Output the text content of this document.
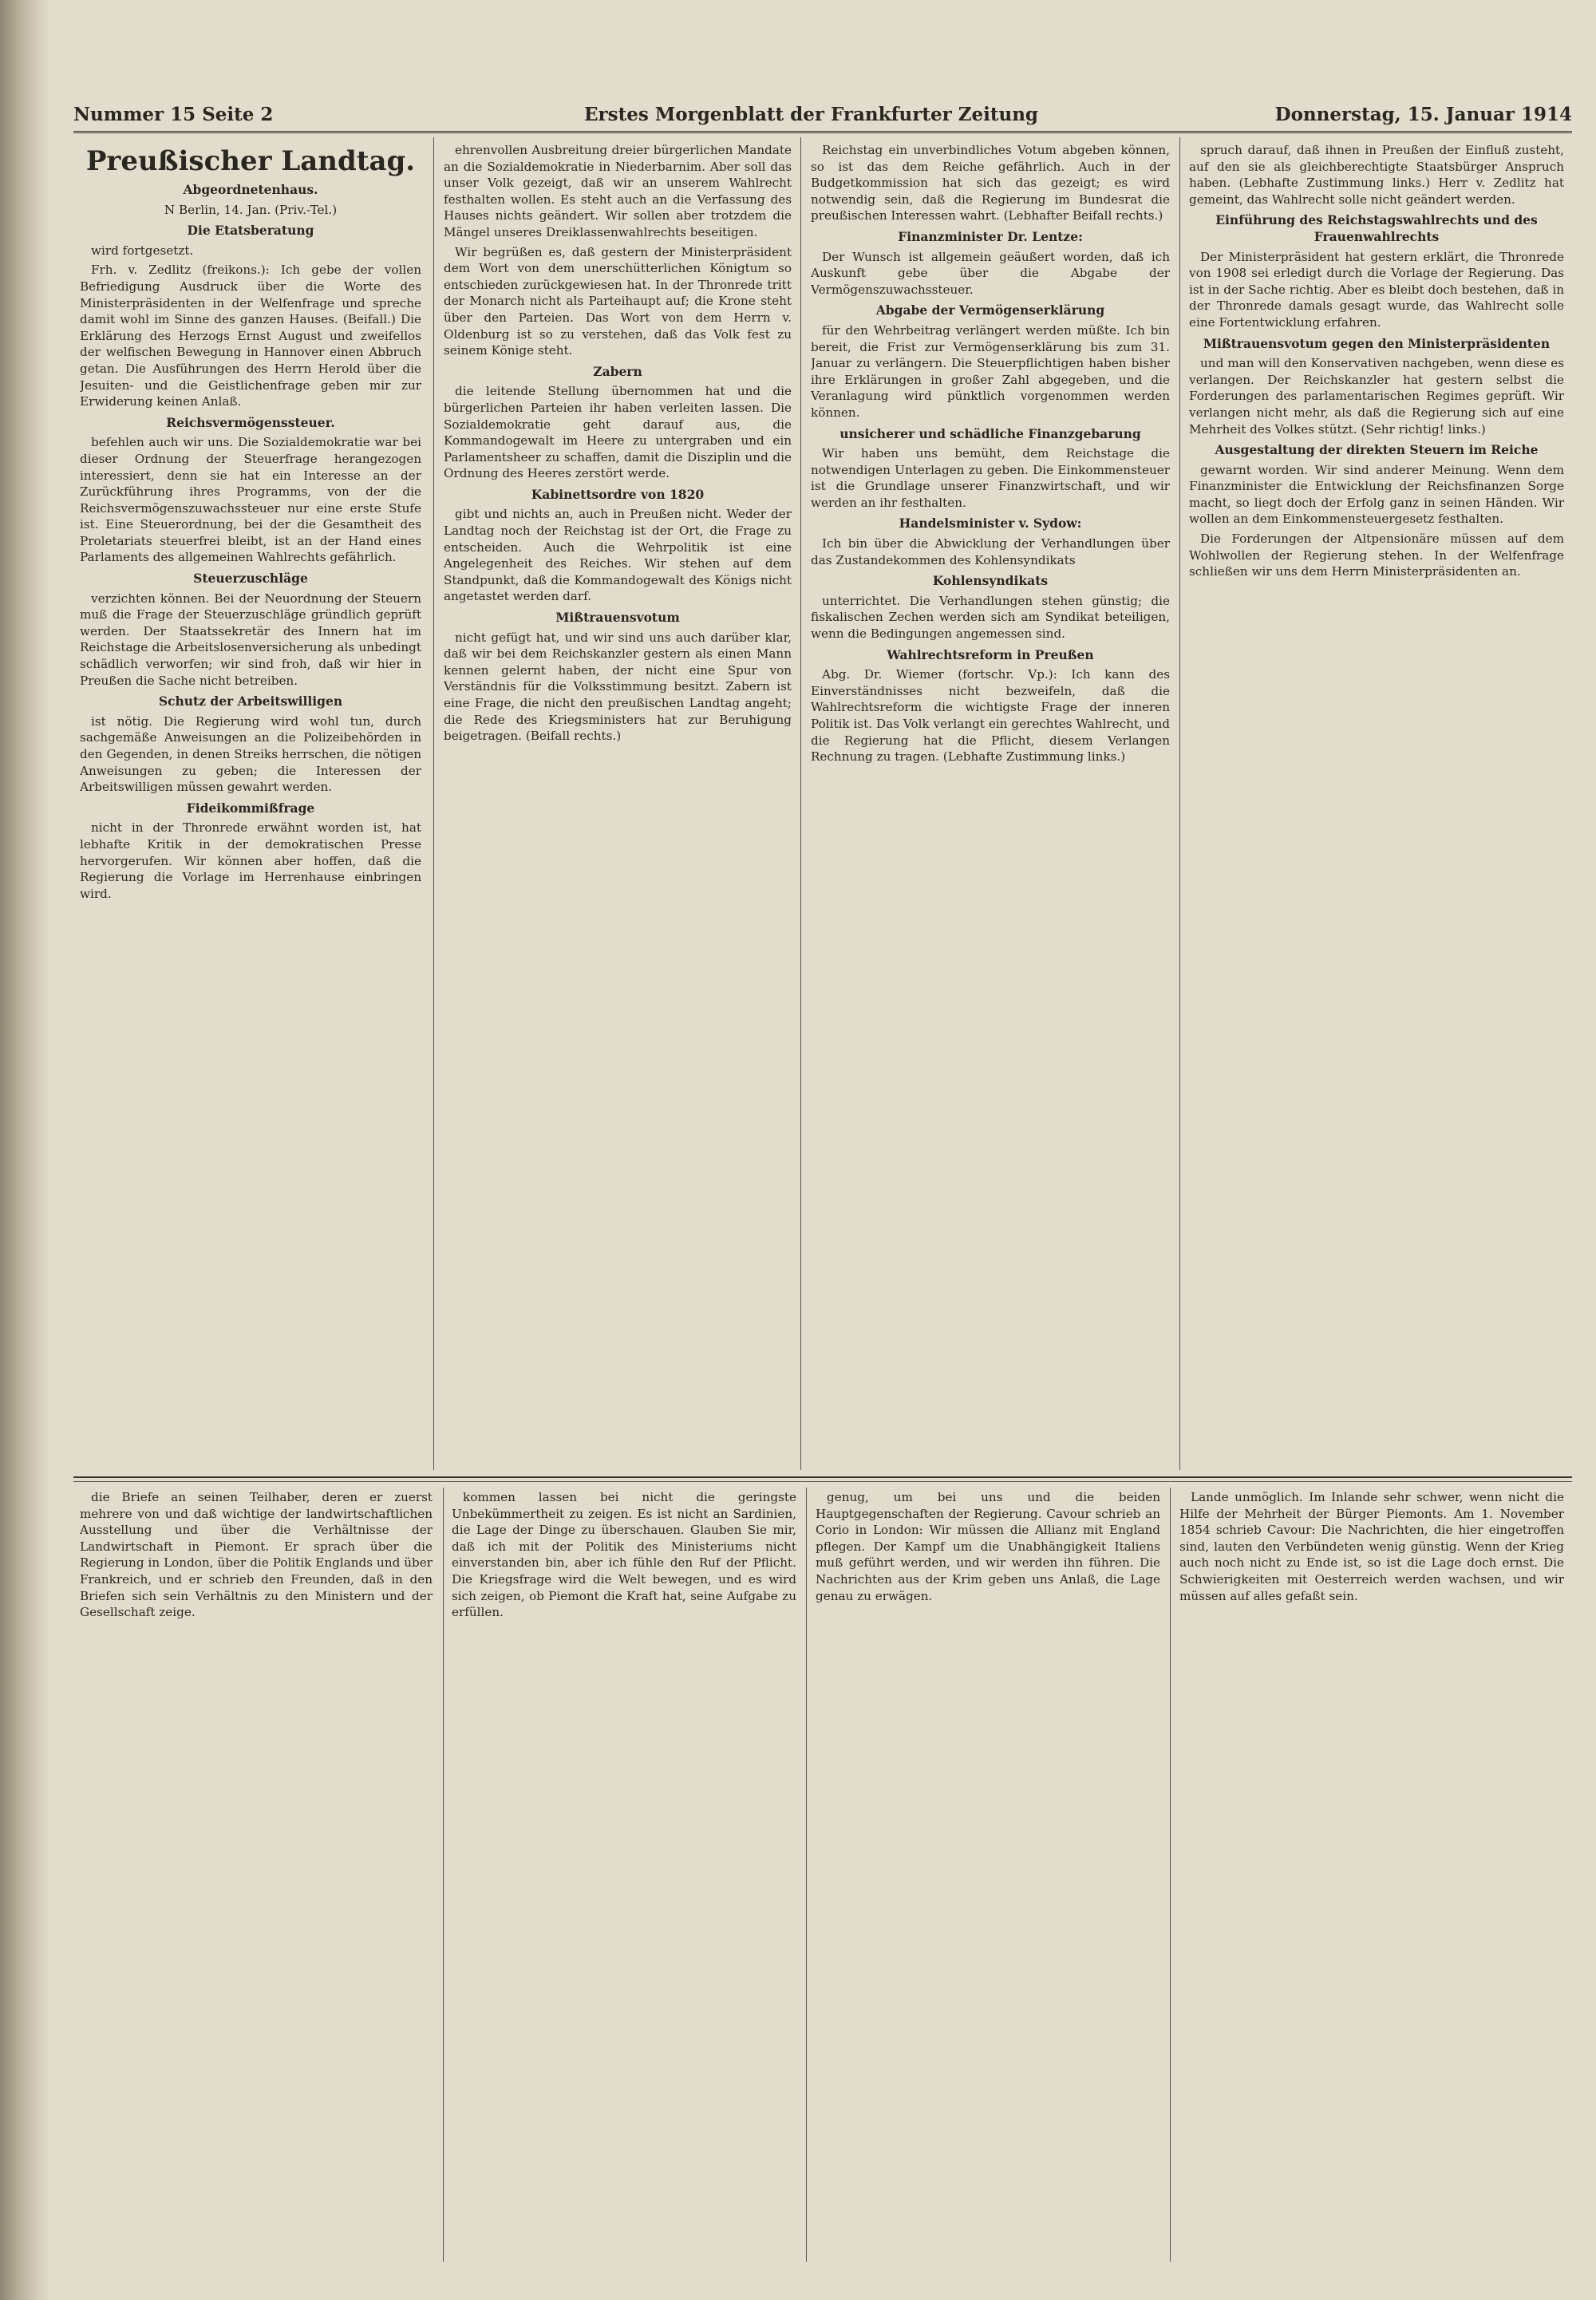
Nummer 15 Seite 2	Erstes Morgenblatt der Frankfurter Zeitung	Donnerstag, 15. Januar 1914
Preußischer Landtag.
Abgeordnetenhaus.
N Berlin, 14. Jan. (Priv.-Tel.)
Die Etatsberatung

wird fortgesetzt.

Frh. v. Zedlitz (freikons.): Ich gebe der vollen Befriedigung Ausdruck über die Worte des Ministerpräsidenten in der Welfenfrage und spreche damit wohl im Sinne des ganzen Hauses. (Beifall.) Die Erklärung des Herzogs Ernst August und zweifellos der welfischen Bewegung in Hannover einen Abbruch getan. Die Ausführungen des Herrn Herold über die Jesuiten- und die Geistlichenfrage geben mir zur Erwiderung keinen Anlaß.

Reichsvermögenssteuer.

befehlen auch wir uns. Die Sozialdemokratie war bei dieser Ordnung der Steuerfrage herangezogen interessiert, denn sie hat ein Interesse an der Zurückführung ihres Programms, von der die Reichsvermögenszuwachssteuer nur eine erste Stufe ist. Eine Steuerordnung, bei der die Gesamtheit des Proletariats steuerfrei bleibt, ist an der Hand eines Parlaments des allgemeinen Wahlrechts gefährlich.

Steuerzuschläge

verzichten können. Bei der Neuordnung der Steuern muß die Frage der Steuerzuschläge gründlich geprüft werden. Der Staatssekretär des Innern hat im Reichstage die Arbeitslosenversicherung als unbedingt schädlich verworfen; wir sind froh, daß wir hier in Preußen die Sache nicht betreiben.

Schutz der Arbeitswilligen

ist nötig. Die Regierung wird wohl tun, durch sachgemäße Anweisungen an die Polizeibehörden in den Gegenden, in denen Streiks herrschen, die nötigen Anweisungen zu geben; die Interessen der Arbeitswilligen müssen gewahrt werden.

Fideikommißfrage

nicht in der Thronrede erwähnt worden ist, hat lebhafte Kritik in der demokratischen Presse hervorgerufen. Wir können aber hoffen, daß die Regierung die Vorlage im Herrenhause einbringen wird.

ehrenvollen Ausbreitung dreier bürgerlichen Mandate an die Sozialdemokratie in Niederbarnim. Aber soll das unser Volk gezeigt, daß wir an unserem Wahlrecht festhalten wollen. Es steht auch an die Verfassung des Hauses nichts geändert. Wir sollen aber trotzdem die Mängel unseres Dreiklassenwahlrechts beseitigen.

Wir begrüßen es, daß gestern der Ministerpräsident dem Wort von dem unerschütterlichen Königtum so entschieden zurückgewiesen hat. In der Thronrede tritt der Monarch nicht als Parteihaupt auf; die Krone steht über den Parteien. Das Wort von dem Herrn v. Oldenburg ist so zu verstehen, daß das Volk fest zu seinem Könige steht.

Zabern

die leitende Stellung übernommen hat und die bürgerlichen Parteien ihr haben verleiten lassen. Die Sozialdemokratie geht darauf aus, die Kommandogewalt im Heere zu untergraben und ein Parlamentsheer zu schaffen, damit die Disziplin und die Ordnung des Heeres zerstört werde.

Kabinettsordre von 1820

gibt und nichts an, auch in Preußen nicht. Weder der Landtag noch der Reichstag ist der Ort, die Frage zu entscheiden. Auch die Wehrpolitik ist eine Angelegenheit des Reiches. Wir stehen auf dem Standpunkt, daß die Kommandogewalt des Königs nicht angetastet werden darf.

Mißtrauensvotum

nicht gefügt hat, und wir sind uns auch darüber klar, daß wir bei dem Reichskanzler gestern als einen Mann kennen gelernt haben, der nicht eine Spur von Verständnis für die Volksstimmung besitzt. Zabern ist eine Frage, die nicht den preußischen Landtag angeht; die Rede des Kriegsministers hat zur Beruhigung beigetragen. (Beifall rechts.)

Reichstag ein unverbindliches Votum abgeben können, so ist das dem Reiche gefährlich. Auch in der Budgetkommission hat sich das gezeigt; es wird notwendig sein, daß die Regierung im Bundesrat die preußischen Interessen wahrt. (Lebhafter Beifall rechts.)

Finanzminister Dr. Lentze:

Der Wunsch ist allgemein geäußert worden, daß ich Auskunft gebe über die Abgabe der Vermögenszuwachssteuer.

Abgabe der Vermögenserklärung

für den Wehrbeitrag verlängert werden müßte. Ich bin bereit, die Frist zur Vermögenserklärung bis zum 31. Januar zu verlängern. Die Steuerpflichtigen haben bisher ihre Erklärungen in großer Zahl abgegeben, und die Veranlagung wird pünktlich vorgenommen werden können.

unsicherer und schädliche Finanzgebarung

Wir haben uns bemüht, dem Reichstage die notwendigen Unterlagen zu geben. Die Einkommensteuer ist die Grundlage unserer Finanzwirtschaft, und wir werden an ihr festhalten.

Handelsminister v. Sydow:

Ich bin über die Abwicklung der Verhandlungen über das Zustandekommen des Kohlensyndikats

Kohlensyndikats

unterrichtet. Die Verhandlungen stehen günstig; die fiskalischen Zechen werden sich am Syndikat beteiligen, wenn die Bedingungen angemessen sind.

Wahlrechtsreform in Preußen

Abg. Dr. Wiemer (fortschr. Vp.): Ich kann des Einverständnisses nicht bezweifeln, daß die Wahlrechtsreform die wichtigste Frage der inneren Politik ist. Das Volk verlangt ein gerechtes Wahlrecht, und die Regierung hat die Pflicht, diesem Verlangen Rechnung zu tragen. (Lebhafte Zustimmung links.)

spruch darauf, daß ihnen in Preußen der Einfluß zusteht, auf den sie als gleichberechtigte Staatsbürger Anspruch haben. (Lebhafte Zustimmung links.) Herr v. Zedlitz hat gemeint, das Wahlrecht solle nicht geändert werden.

Einführung des Reichstagswahlrechts und des Frauenwahlrechts

Der Ministerpräsident hat gestern erklärt, die Thronrede von 1908 sei erledigt durch die Vorlage der Regierung. Das ist in der Sache richtig. Aber es bleibt doch bestehen, daß in der Thronrede damals gesagt wurde, das Wahlrecht solle eine Fortentwicklung erfahren.

Mißtrauensvotum gegen den Ministerpräsidenten

und man will den Konservativen nachgeben, wenn diese es verlangen. Der Reichskanzler hat gestern selbst die Forderungen des parlamentarischen Regimes geprüft. Wir verlangen nicht mehr, als daß die Regierung sich auf eine Mehrheit des Volkes stützt. (Sehr richtig! links.)

Ausgestaltung der direkten Steuern im Reiche

gewarnt worden. Wir sind anderer Meinung. Wenn dem Finanzminister die Entwicklung der Reichsfinanzen Sorge macht, so liegt doch der Erfolg ganz in seinen Händen. Wir wollen an dem Einkommensteuergesetz festhalten.

Die Forderungen der Altpensionäre müssen auf dem Wohlwollen der Regierung stehen. In der Welfenfrage schließen wir uns dem Herrn Ministerpräsidenten an.

die Briefe an seinen Teilhaber, deren er zuerst mehrere von und daß wichtige der landwirtschaftlichen Ausstellung und über die Verhältnisse der Landwirtschaft in Piemont. Er sprach über die Regierung in London, über die Politik Englands und über Frankreich, und er schrieb den Freunden, daß in den Briefen sich sein Verhältnis zu den Ministern und der Gesellschaft zeige.

kommen lassen bei nicht die geringste Unbekümmertheit zu zeigen. Es ist nicht an Sardinien, die Lage der Dinge zu überschauen. Glauben Sie mir, daß ich mit der Politik des Ministeriums nicht einverstanden bin, aber ich fühle den Ruf der Pflicht. Die Kriegsfrage wird die Welt bewegen, und es wird sich zeigen, ob Piemont die Kraft hat, seine Aufgabe zu erfüllen.

genug, um bei uns und die beiden Hauptgegenschaften der Regierung. Cavour schrieb an Corio in London: Wir müssen die Allianz mit England pflegen. Der Kampf um die Unabhängigkeit Italiens muß geführt werden, und wir werden ihn führen. Die Nachrichten aus der Krim geben uns Anlaß, die Lage genau zu erwägen.

Lande unmöglich. Im Inlande sehr schwer, wenn nicht die Hilfe der Mehrheit der Bürger Piemonts. Am 1. November 1854 schrieb Cavour: Die Nachrichten, die hier eingetroffen sind, lauten den Verbündeten wenig günstig. Wenn der Krieg auch noch nicht zu Ende ist, so ist die Lage doch ernst. Die Schwierigkeiten mit Oesterreich werden wachsen, und wir müssen auf alles gefaßt sein.
